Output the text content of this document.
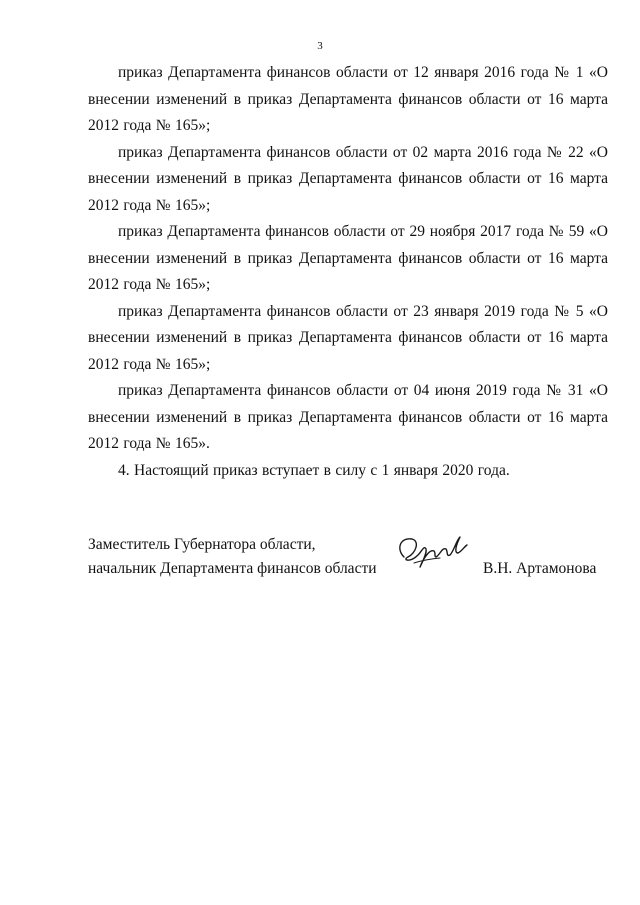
3

приказ Департамента финансов области от 12 января 2016 года № 1 «О внесении изменений в приказ Департамента финансов области от 16 марта 2012 года № 165»;

приказ Департамента финансов области от 02 марта 2016 года № 22 «О внесении изменений в приказ Департамента финансов области от 16 марта 2012 года № 165»;

приказ Департамента финансов области от 29 ноября 2017 года № 59 «О внесении изменений в приказ Департамента финансов области от 16 марта 2012 года № 165»;

приказ Департамента финансов области от 23 января 2019 года № 5 «О внесении изменений в приказ Департамента финансов области от 16 марта 2012 года № 165»;

приказ Департамента финансов области от 04 июня 2019 года № 31 «О внесении изменений в приказ Департамента финансов области от 16 марта 2012 года № 165».

4. Настоящий приказ вступает в силу с 1 января 2020 года.

Заместитель Губернатора области,
начальник Департамента финансов области	В.Н. Артамонова
